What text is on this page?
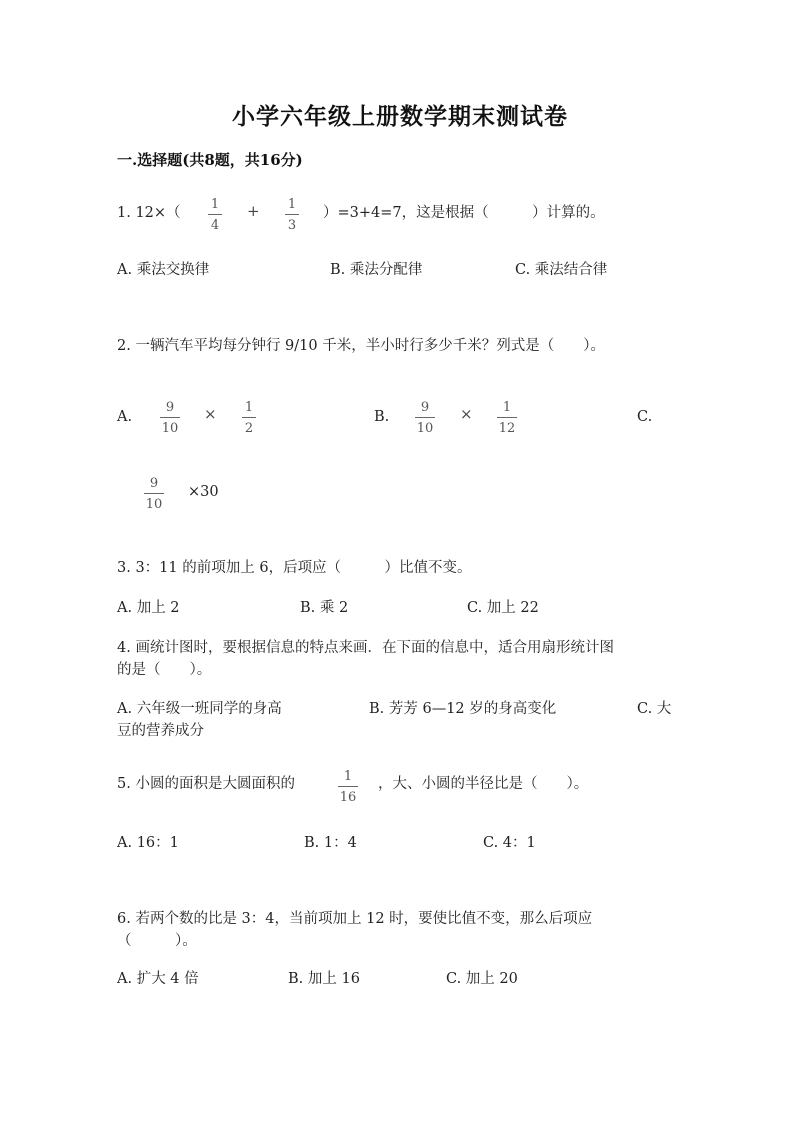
小学六年级上册数学期末测试卷
一.选择题(共8题，共16分)
1. 12×（
1
4
+ 1
3
）=3+4=7，这是根据（　　　）计算的。
A. 乘法交换律	B. 乘法分配律	C. 乘法结合律
2. 一辆汽车平均每分钟行 9/10 千米，半小时行多少千米？列式是（　　）。
A.
9
10
× 1
2
B.
9
10
× 1
12
C.
9
10
×30
3. 3：11 的前项加上 6，后项应（　　　）比值不变。
A. 加上 2	B. 乘 2	C. 加上 22
4. 画统计图时，要根据信息的特点来画．在下面的信息中，适合用扇形统计图
的是（　　）。
A. 六年级一班同学的身高	B. 芳芳 6—12 岁的身高变化	C. 大
豆的营养成分
5. 小圆的面积是大圆面积的	1
16
，大、小圆的半径比是（　　）。
A. 16：1	B. 1：4	C. 4：1
6. 若两个数的比是 3：4，当前项加上 12 时，要使比值不变，那么后项应
（　　　）。
A. 扩大 4 倍	B. 加上 16	C. 加上 20
